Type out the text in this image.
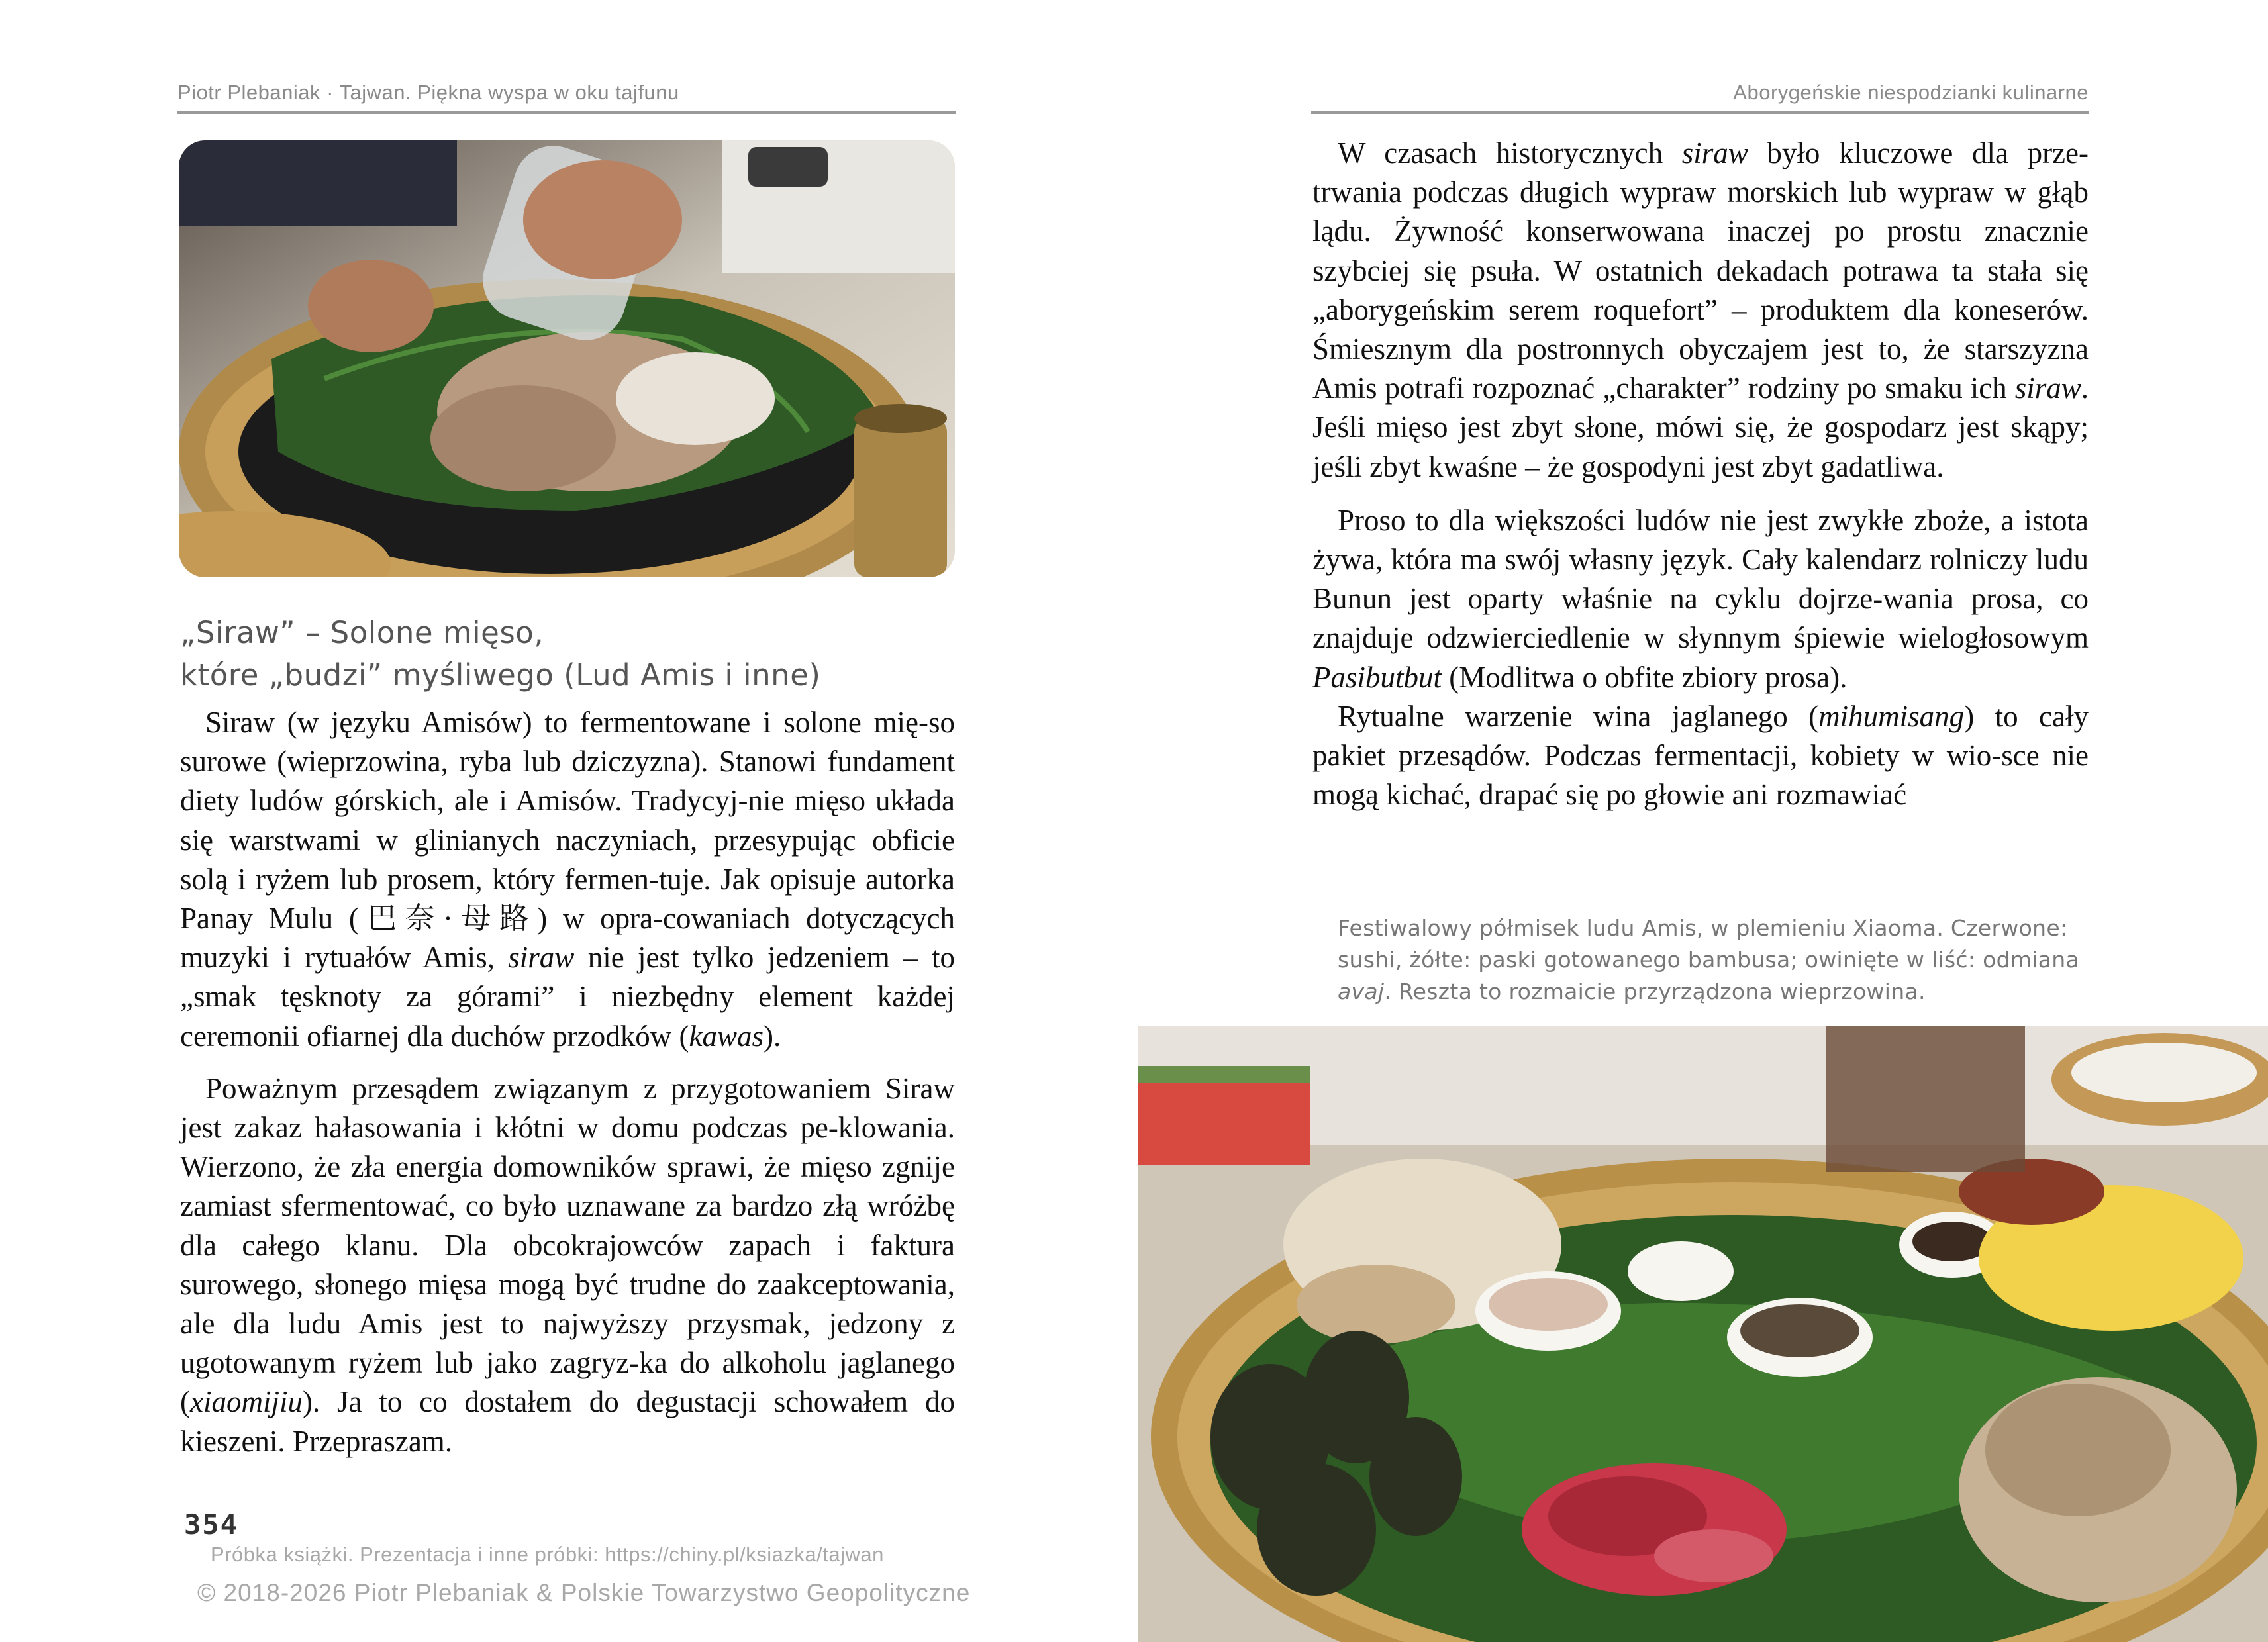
Piotr Plebaniak · Tajwan. Piękna wyspa w oku tajfunu
„Siraw” – Solone mięso,
które „budzi” myśliwego (Lud Amis i inne)

Siraw (w języku Amisów) to fermentowane i solone mię-so surowe (wieprzowina, ryba lub dziczyzna). Stanowi fundament diety ludów górskich, ale i Amisów. Tradycyj-nie mięso układa się warstwami w glinianych naczyniach, przesypując obficie solą i ryżem lub prosem, który fermen-tuje. Jak opisuje autorka Panay Mulu (巴奈·母路) w opra-cowaniach dotyczących muzyki i rytuałów Amis, siraw nie jest tylko jedzeniem – to „smak tęsknoty za górami” i niezbędny element każdej ceremonii ofiarnej dla duchów przodków (kawas).

Poważnym przesądem związanym z przygotowaniem Siraw jest zakaz hałasowania i kłótni w domu podczas pe-klowania. Wierzono, że zła energia domowników sprawi, że mięso zgnije zamiast sfermentować, co było uznawane za bardzo złą wróżbę dla całego klanu. Dla obcokrajowców zapach i faktura surowego, słonego mięsa mogą być trudne do zaakceptowania, ale dla ludu Amis jest to najwyższy przysmak, jedzony z ugotowanym ryżem lub jako zagryz-ka do alkoholu jaglanego (xiaomijiu). Ja to co dostałem do degustacji schowałem do kieszeni. Przepraszam.

354
Próbka książki. Prezentacja i inne próbki: https://chiny.pl/ksiazka/tajwan
© 2018-2026 Piotr Plebaniak & Polskie Towarzystwo Geopolityczne
Aborygeńskie niespodzianki kulinarne

W czasach historycznych siraw było kluczowe dla prze-trwania podczas długich wypraw morskich lub wypraw w głąb lądu. Żywność konserwowana inaczej po prostu znacznie szybciej się psuła. W ostatnich dekadach potrawa ta stała się „aborygeńskim serem roquefort” – produktem dla koneserów. Śmiesznym dla postronnych obyczajem jest to, że starszyzna Amis potrafi rozpoznać „charakter” rodziny po smaku ich siraw. Jeśli mięso jest zbyt słone, mówi się, że gospodarz jest skąpy; jeśli zbyt kwaśne – że gospodyni jest zbyt gadatliwa.

Proso to dla większości ludów nie jest zwykłe zboże, a istota żywa, która ma swój własny język. Cały kalendarz rolniczy ludu Bunun jest oparty właśnie na cyklu dojrze-wania prosa, co znajduje odzwierciedlenie w słynnym śpiewie wielogłosowym Pasibutbut (Modlitwa o obfite zbiory prosa).

Rytualne warzenie wina jaglanego (mihumisang) to cały pakiet przesądów. Podczas fermentacji, kobiety w wio-sce nie mogą kichać, drapać się po głowie ani rozmawiać

Festiwalowy półmisek ludu Amis, w plemieniu Xiaoma. Czerwone:
sushi, żółte: paski gotowanego bambusa; owinięte w liść: odmiana
avaj. Reszta to rozmaicie przyrządzona wieprzowina.
